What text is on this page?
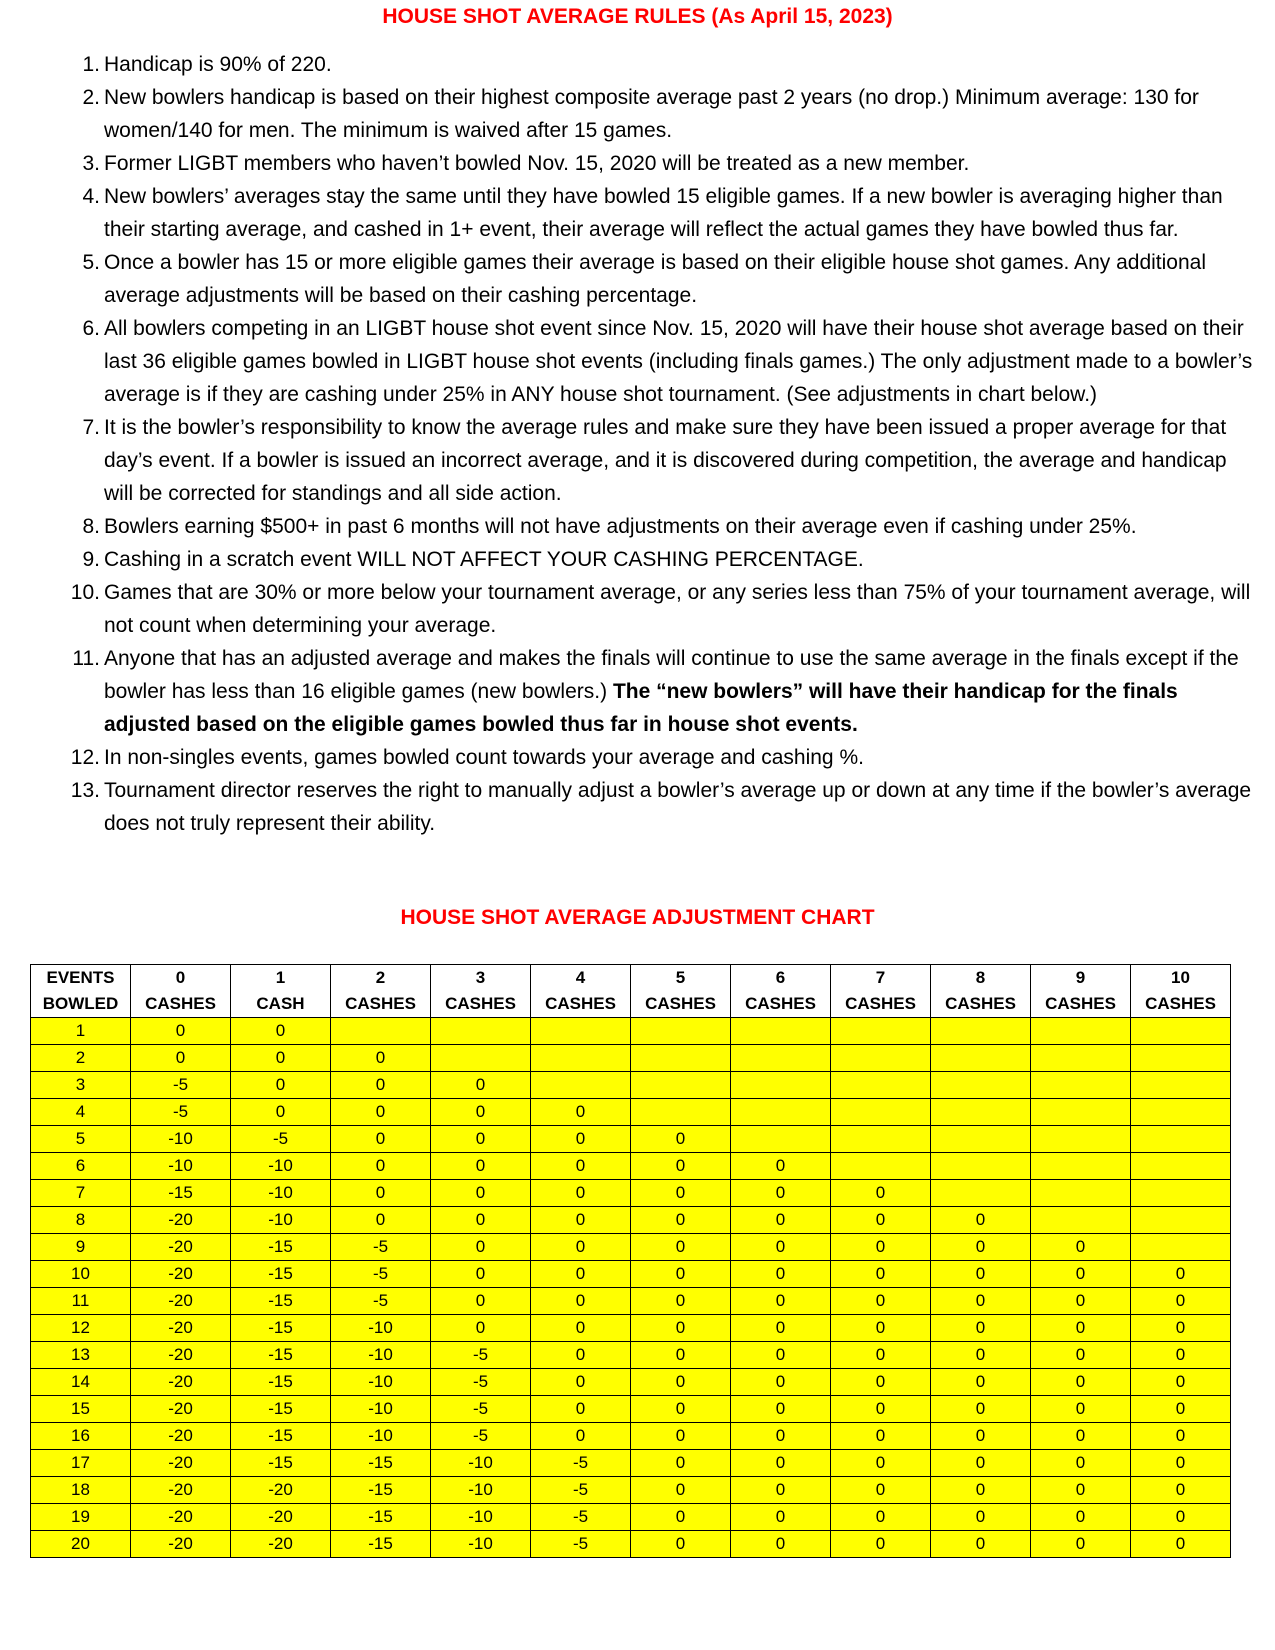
HOUSE SHOT AVERAGE RULES (As April 15, 2023)
1. Handicap is 90% of 220.
2. New bowlers handicap is based on their highest composite average past 2 years (no drop.) Minimum average: 130 for women/140 for men. The minimum is waived after 15 games.
3. Former LIGBT members who haven’t bowled Nov. 15, 2020 will be treated as a new member.
4. New bowlers’ averages stay the same until they have bowled 15 eligible games. If a new bowler is averaging higher than their starting average, and cashed in 1+ event, their average will reflect the actual games they have bowled thus far.
5. Once a bowler has 15 or more eligible games their average is based on their eligible house shot games. Any additional average adjustments will be based on their cashing percentage.
6. All bowlers competing in an LIGBT house shot event since Nov. 15, 2020 will have their house shot average based on their last 36 eligible games bowled in LIGBT house shot events (including finals games.) The only adjustment made to a bowler’s average is if they are cashing under 25% in ANY house shot tournament. (See adjustments in chart below.)
7. It is the bowler’s responsibility to know the average rules and make sure they have been issued a proper average for that day’s event. If a bowler is issued an incorrect average, and it is discovered during competition, the average and handicap will be corrected for standings and all side action.
8. Bowlers earning $500+ in past 6 months will not have adjustments on their average even if cashing under 25%.
9. Cashing in a scratch event WILL NOT AFFECT YOUR CASHING PERCENTAGE.
10. Games that are 30% or more below your tournament average, or any series less than 75% of your tournament average, will not count when determining your average.
11. Anyone that has an adjusted average and makes the finals will continue to use the same average in the finals except if the bowler has less than 16 eligible games (new bowlers.) The “new bowlers” will have their handicap for the finals adjusted based on the eligible games bowled thus far in house shot events.
12. In non-singles events, games bowled count towards your average and cashing %.
13. Tournament director reserves the right to manually adjust a bowler’s average up or down at any time if the bowler’s average does not truly represent their ability.
HOUSE SHOT AVERAGE ADJUSTMENT CHART
EVENTS	0	1	2	3	4	5	6	7	8	9	10
BOWLED	CASHES	CASH	CASHES	CASHES	CASHES	CASHES	CASHES	CASHES	CASHES	CASHES	CASHES
1	0	0									
2	0	0	0								
3	-5	0	0	0							
4	-5	0	0	0	0						
5	-10	-5	0	0	0	0					
6	-10	-10	0	0	0	0	0				
7	-15	-10	0	0	0	0	0	0			
8	-20	-10	0	0	0	0	0	0	0		
9	-20	-15	-5	0	0	0	0	0	0	0	
10	-20	-15	-5	0	0	0	0	0	0	0	0
11	-20	-15	-5	0	0	0	0	0	0	0	0
12	-20	-15	-10	0	0	0	0	0	0	0	0
13	-20	-15	-10	-5	0	0	0	0	0	0	0
14	-20	-15	-10	-5	0	0	0	0	0	0	0
15	-20	-15	-10	-5	0	0	0	0	0	0	0
16	-20	-15	-10	-5	0	0	0	0	0	0	0
17	-20	-15	-15	-10	-5	0	0	0	0	0	0
18	-20	-20	-15	-10	-5	0	0	0	0	0	0
19	-20	-20	-15	-10	-5	0	0	0	0	0	0
20	-20	-20	-15	-10	-5	0	0	0	0	0	0
